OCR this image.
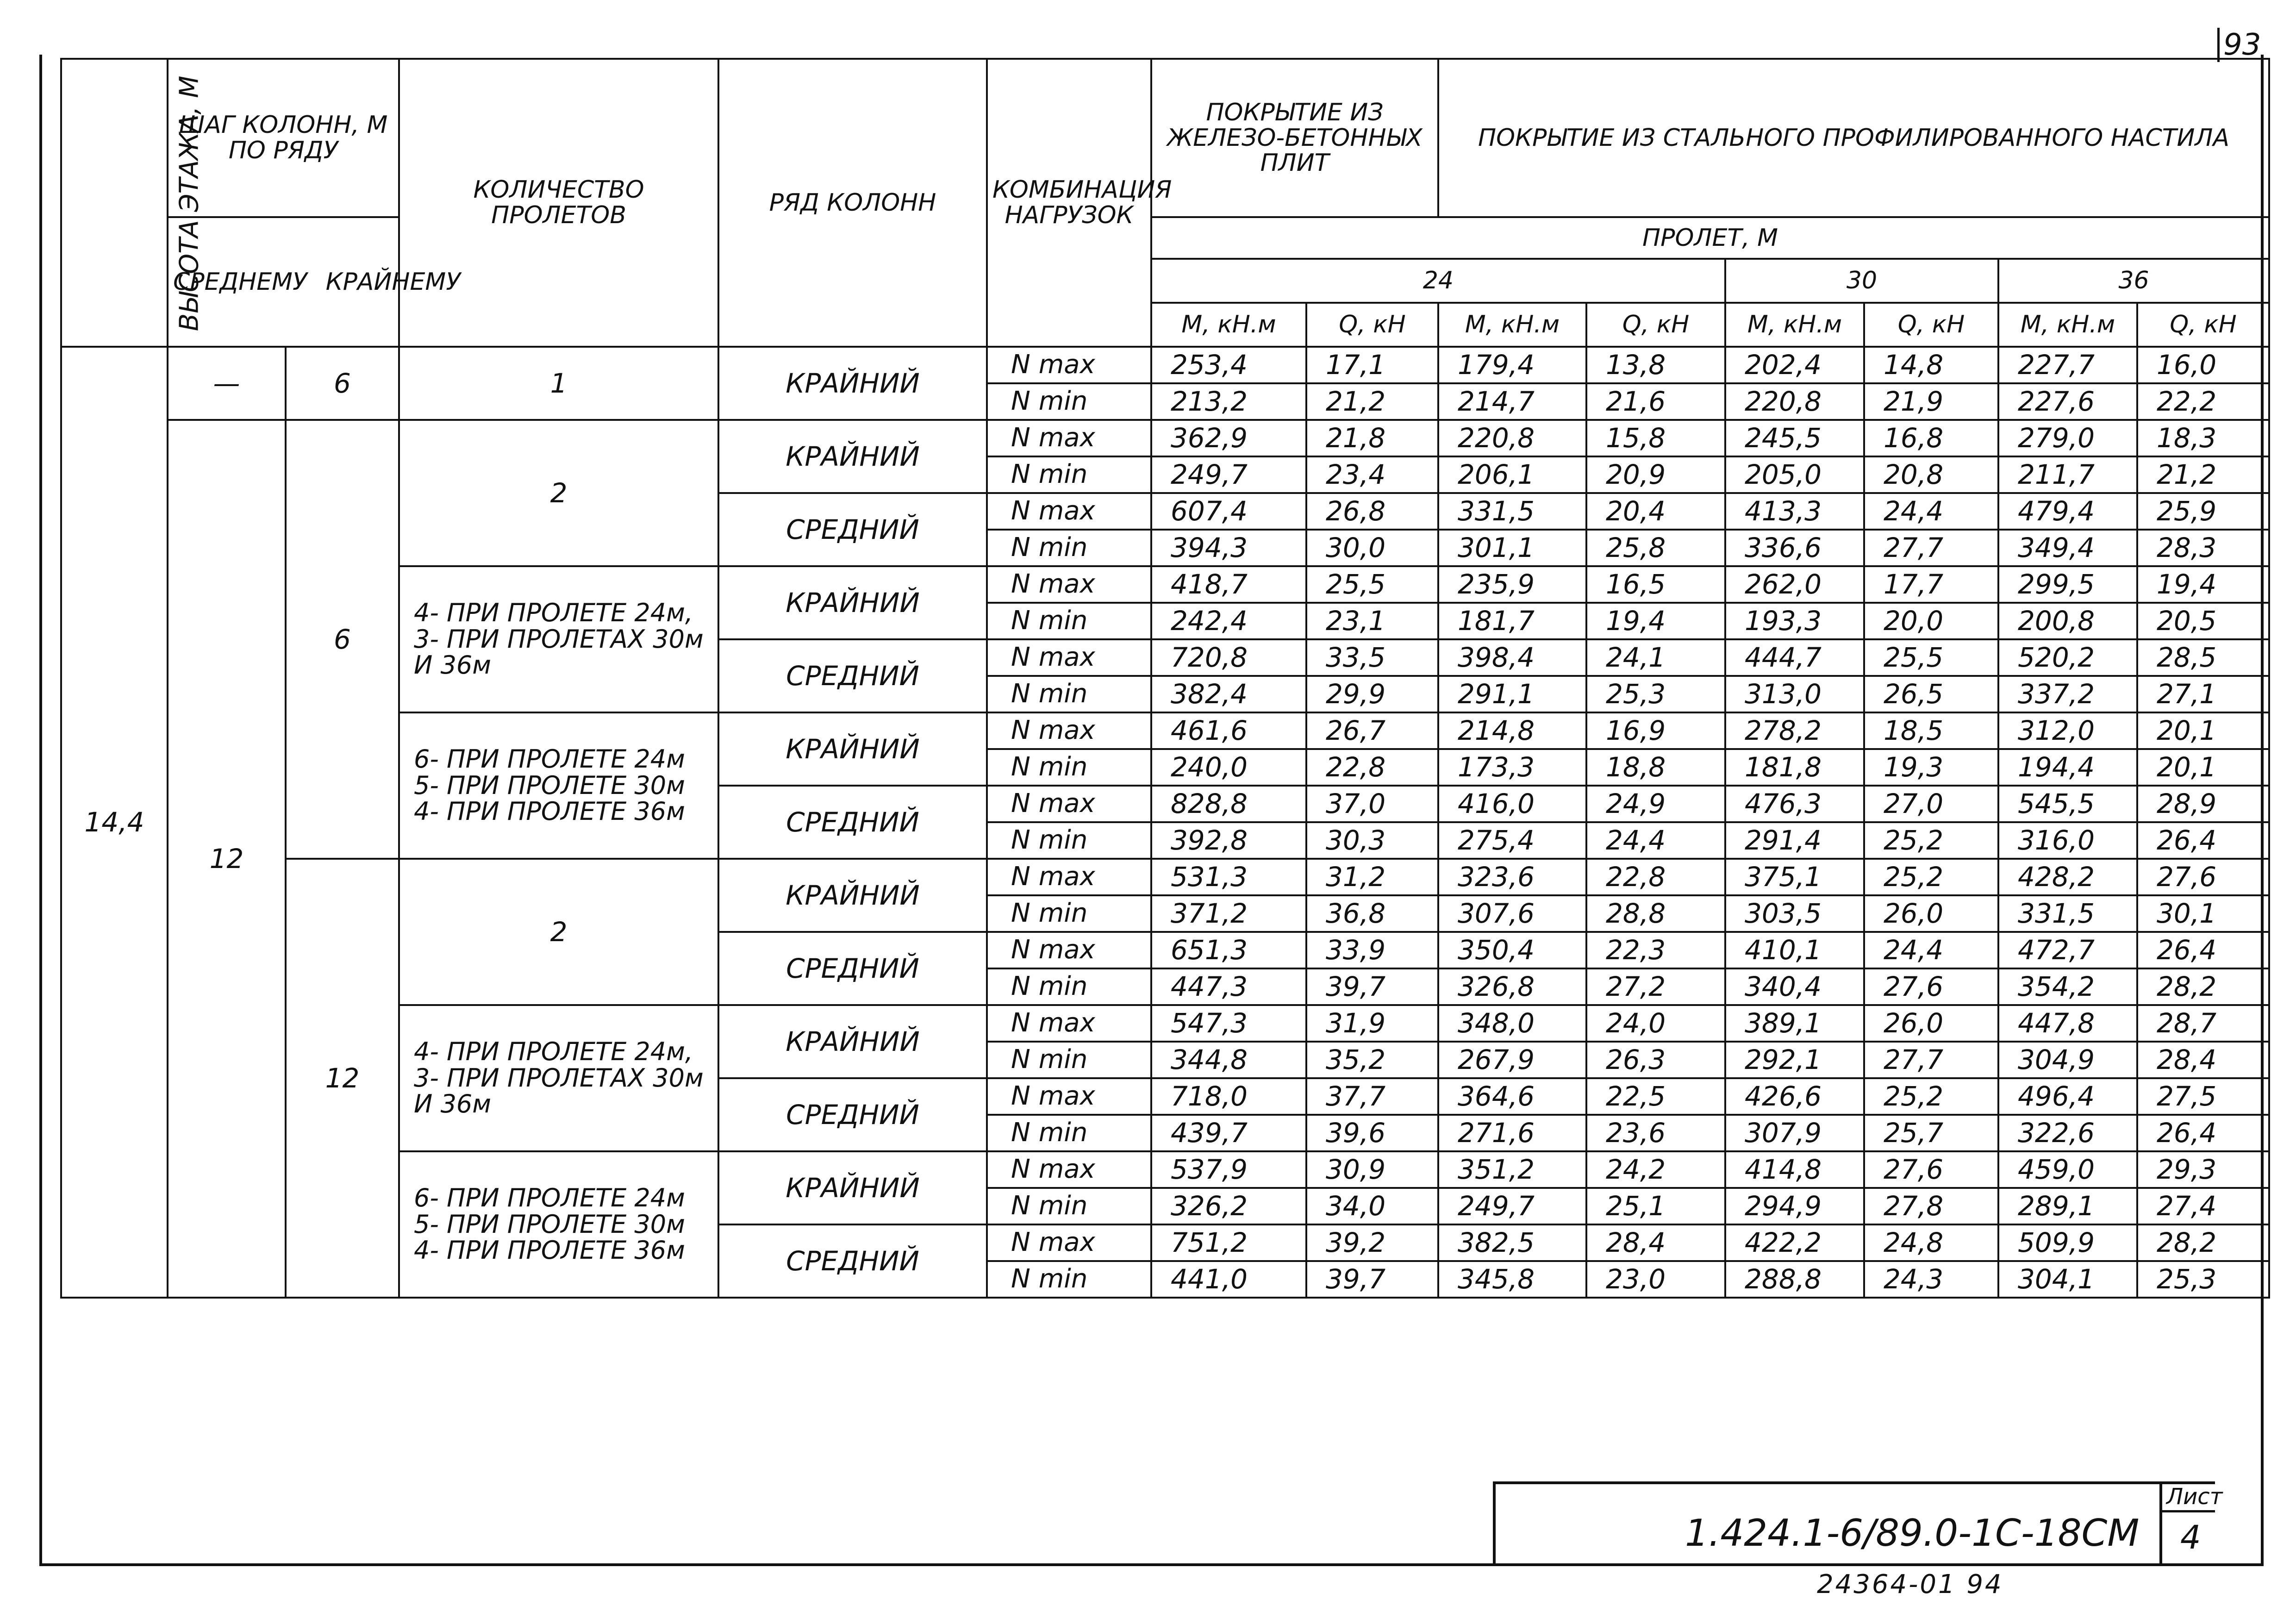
93
ВЫСОТА ЭТАЖА, М	ШАГ КОЛОНН, М ПО РЯДУ		КОЛИЧЕСТВО ПРОЛЕТОВ	РЯД КОЛОНН	КОМБИНАЦИЯ НАГРУЗОК	ПОКРЫТИЕ ИЗ ЖЕЛЕЗО-БЕТОННЫХ ПЛИТ		ПОКРЫТИЕ ИЗ СТАЛЬНОГО ПРОФИЛИРОВАННОГО НАСТИЛА					

	СРЕДНЕМУ КРАЙНЕМУ					ПРОЛЕТ, М							
						24				30		36	
						М, кН.м	Q, кН	М, кН.м	Q, кН	М, кН.м	Q, кН	М, кН.м	Q, кН
14,4	—	6	1	КРАЙНИЙ	N max	253,4	17,1	179,4	13,8	202,4	14,8	227,7	16,0
					N min	213,2	21,2	214,7	21,6	220,8	21,9	227,6	22,2
	12	6	2	КРАЙНИЙ	N max	362,9	21,8	220,8	15,8	245,5	16,8	279,0	18,3
					N min	249,7	23,4	206,1	20,9	205,0	20,8	211,7	21,2
				СРЕДНИЙ	N max	607,4	26,8	331,5	20,4	413,3	24,4	479,4	25,9
					N min	394,3	30,0	301,1	25,8	336,6	27,7	349,4	28,3
			4- ПРИ ПРОЛЕТЕ 24м, 3- ПРИ ПРОЛЕТАХ 30м И 36м	КРАЙНИЙ	N max	418,7	25,5	235,9	16,5	262,0	17,7	299,5	19,4
					N min	242,4	23,1	181,7	19,4	193,3	20,0	200,8	20,5
				СРЕДНИЙ	N max	720,8	33,5	398,4	24,1	444,7	25,5	520,2	28,5
					N min	382,4	29,9	291,1	25,3	313,0	26,5	337,2	27,1
			6- ПРИ ПРОЛЕТЕ 24м 5- ПРИ ПРОЛЕТЕ 30м 4- ПРИ ПРОЛЕТЕ 36м	КРАЙНИЙ	N max	461,6	26,7	214,8	16,9	278,2	18,5	312,0	20,1
					N min	240,0	22,8	173,3	18,8	181,8	19,3	194,4	20,1
				СРЕДНИЙ	N max	828,8	37,0	416,0	24,9	476,3	27,0	545,5	28,9
					N min	392,8	30,3	275,4	24,4	291,4	25,2	316,0	26,4
		12	2	КРАЙНИЙ	N max	531,3	31,2	323,6	22,8	375,1	25,2	428,2	27,6
					N min	371,2	36,8	307,6	28,8	303,5	26,0	331,5	30,1
				СРЕДНИЙ	N max	651,3	33,9	350,4	22,3	410,1	24,4	472,7	26,4
					N min	447,3	39,7	326,8	27,2	340,4	27,6	354,2	28,2
			4- ПРИ ПРОЛЕТЕ 24м, 3- ПРИ ПРОЛЕТАХ 30м И 36м	КРАЙНИЙ	N max	547,3	31,9	348,0	24,0	389,1	26,0	447,8	28,7
					N min	344,8	35,2	267,9	26,3	292,1	27,7	304,9	28,4
				СРЕДНИЙ	N max	718,0	37,7	364,6	22,5	426,6	25,2	496,4	27,5
					N min	439,7	39,6	271,6	23,6	307,9	25,7	322,6	26,4
			6- ПРИ ПРОЛЕТЕ 24м 5- ПРИ ПРОЛЕТЕ 30м 4- ПРИ ПРОЛЕТЕ 36м	КРАЙНИЙ	N max	537,9	30,9	351,2	24,2	414,8	27,6	459,0	29,3
					N min	326,2	34,0	249,7	25,1	294,9	27,8	289,1	27,4
				СРЕДНИЙ	N max	751,2	39,2	382,5	28,4	422,2	24,8	509,9	28,2
					N min	441,0	39,7	345,8	23,0	288,8	24,3	304,1	25,3
1.424.1-6/89.0-1С-18СМ
Лист
4
24364-01 94
